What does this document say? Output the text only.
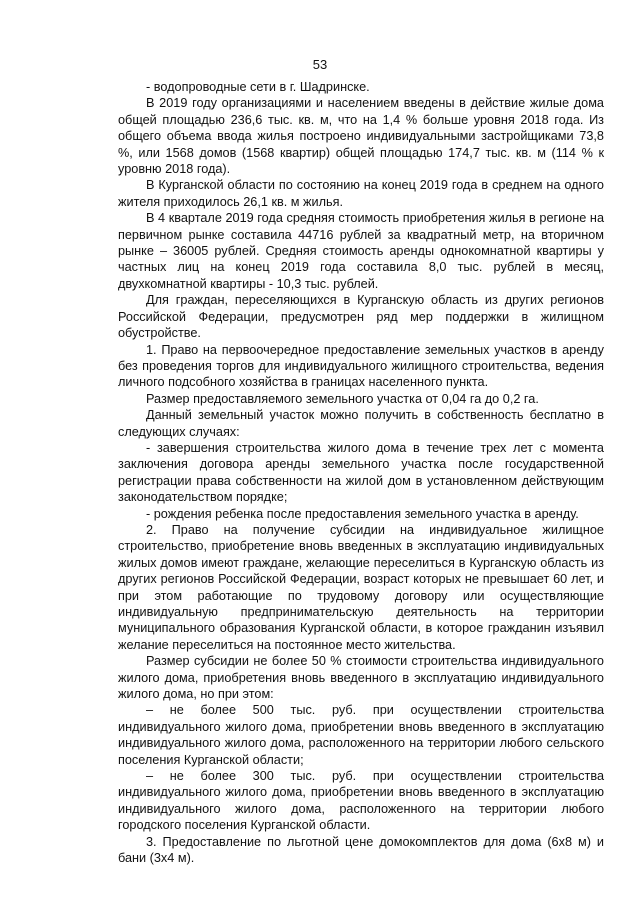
53

- водопроводные сети в г. Шадринске.

В 2019 году организациями и населением введены в действие жилые дома общей площадью 236,6 тыс. кв. м, что на 1,4 % больше уровня 2018 года. Из общего объема ввода жилья построено индивидуальными застройщиками 73,8 %, или 1568 домов (1568 квартир) общей площадью 174,7 тыс. кв. м (114 % к уровню 2018 года).

В Курганской области по состоянию на конец 2019 года в среднем на одного жителя приходилось 26,1 кв. м жилья.

В 4 квартале 2019 года средняя стоимость приобретения жилья в регионе на первичном рынке составила 44716 рублей за квадратный метр, на вторичном рынке – 36005 рублей. Средняя стоимость аренды однокомнатной квартиры у частных лиц на конец 2019 года составила 8,0 тыс. рублей в месяц, двухкомнатной квартиры - 10,3 тыс. рублей.

Для граждан, переселяющихся в Курганскую область из других регионов Российской Федерации, предусмотрен ряд мер поддержки в жилищном обустройстве.

1. Право на первоочередное предоставление земельных участков в аренду без проведения торгов для индивидуального жилищного строительства, ведения личного подсобного хозяйства в границах населенного пункта.

Размер предоставляемого земельного участка от 0,04 га до 0,2 га.

Данный земельный участок можно получить в собственность бесплатно в следующих случаях:

- завершения строительства жилого дома в течение трех лет с момента заключения договора аренды земельного участка после государственной регистрации права собственности на жилой дом в установленном действующим законодательством порядке;

- рождения ребенка после предоставления земельного участка в аренду.

2. Право на получение субсидии на индивидуальное жилищное строительство, приобретение вновь введенных в эксплуатацию индивидуальных жилых домов имеют граждане, желающие переселиться в Курганскую область из других регионов Российской Федерации, возраст которых не превышает 60 лет, и при этом работающие по трудовому договору или осуществляющие индивидуальную предпринимательскую деятельность на территории муниципального образования Курганской области, в которое гражданин изъявил желание переселиться на постоянное место жительства.

Размер субсидии не более 50 % стоимости строительства индивидуального жилого дома, приобретения вновь введенного в эксплуатацию индивидуального жилого дома, но при этом:

– не более 500 тыс. руб. при осуществлении строительства индивидуального жилого дома, приобретении вновь введенного в эксплуатацию индивидуального жилого дома, расположенного на территории любого сельского поселения Курганской области;

– не более 300 тыс. руб. при осуществлении строительства индивидуального жилого дома, приобретении вновь введенного в эксплуатацию индивидуального жилого дома, расположенного на территории любого городского поселения Курганской области.

3. Предоставление по льготной цене домокомплектов для дома (6х8 м) и бани (3х4 м).
